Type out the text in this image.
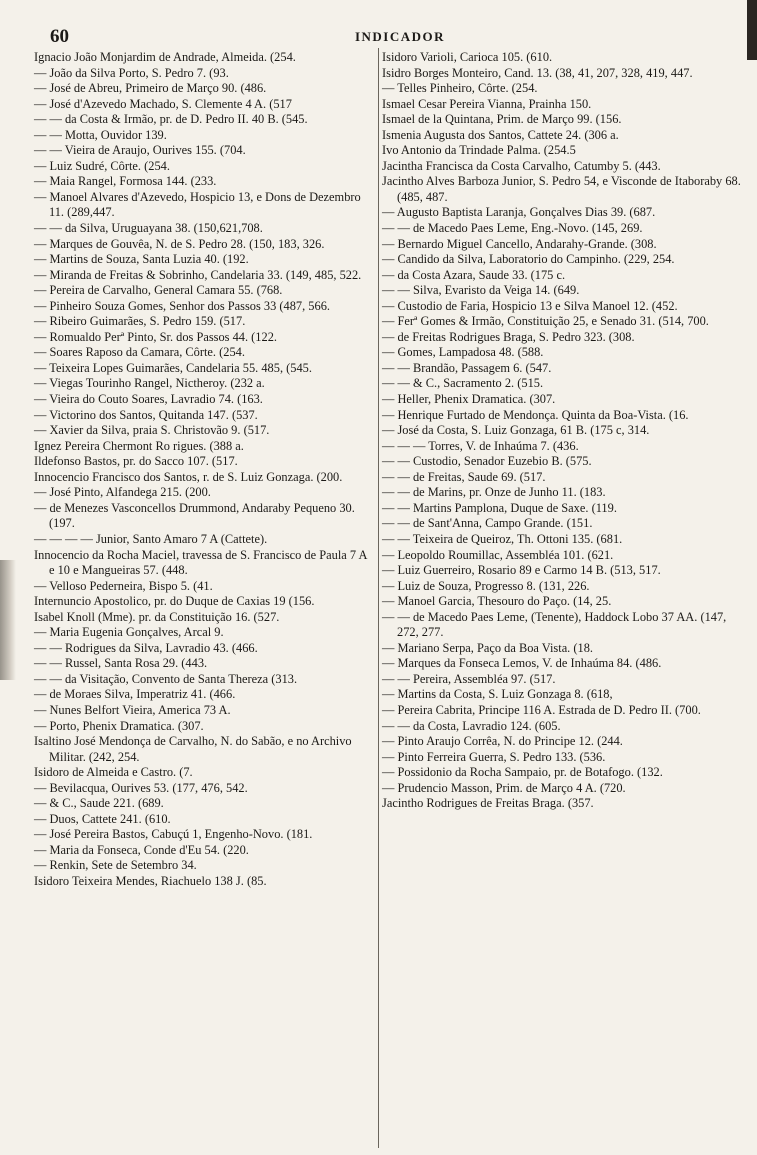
60	INDICADOR
Ignacio João Monjardim de Andrade, Almeida. (254.
— João da Silva Porto, S. Pedro 7. (93.
— José de Abreu, Primeiro de Março 90. (486.
— José d'Azevedo Machado, S. Clemente 4 A. (517
— — da Costa & Irmão, pr. de D. Pedro II. 40 B. (545.
— — Motta, Ouvidor 139.
— — Vieira de Araujo, Ourives 155. (704.
— Luiz Sudré, Côrte. (254.
— Maia Rangel, Formosa 144. (233.
— Manoel Alvares d'Azevedo, Hospicio 13, e Dons de Dezembro 11. (289,447.
— — da Silva, Uruguayana 38. (150,621,708.
— Marques de Gouvêa, N. de S. Pedro 28. (150, 183, 326.
— Martins de Souza, Santa Luzia 40. (192.
— Miranda de Freitas & Sobrinho, Candelaria 33. (149, 485, 522.
— Pereira de Carvalho, General Camara 55. (768.
— Pinheiro Souza Gomes, Senhor dos Passos 33 (487, 566.
— Ribeiro Guimarães, S. Pedro 159. (517.
— Romualdo Perª Pinto, Sr. dos Passos 44. (122.
— Soares Raposo da Camara, Côrte. (254.
— Teixeira Lopes Guimarães, Candelaria 55. 485, (545.
— Viegas Tourinho Rangel, Nictheroy. (232 a.
— Vieira do Couto Soares, Lavradio 74. (163.
— Victorino dos Santos, Quitanda 147. (537.
— Xavier da Silva, praia S. Christovão 9. (517.
Ignez Pereira Chermont Ro rigues. (388 a.
Ildefonso Bastos, pr. do Sacco 107. (517.
Innocencio Francisco dos Santos, r. de S. Luiz Gonzaga. (200.
— José Pinto, Alfandega 215. (200.
— de Menezes Vasconcellos Drummond, Andaraby Pequeno 30. (197.
— — — — Junior, Santo Amaro 7 A (Cattete).
Innocencio da Rocha Maciel, travessa de S. Francisco de Paula 7 A e 10 e Mangueiras 57. (448.
— Velloso Pederneira, Bispo 5. (41.
Internuncio Apostolico, pr. do Duque de Caxias 19 (156.
Isabel Knoll (Mme). pr. da Constituição 16. (527.
— Maria Eugenia Gonçalves, Arcal 9.
— — Rodrigues da Silva, Lavradio 43. (466.
— — Russel, Santa Rosa 29. (443.
— — da Visitação, Convento de Santa Thereza (313.
— de Moraes Silva, Imperatriz 41. (466.
— Nunes Belfort Vieira, America 73 A.
— Porto, Phenix Dramatica. (307.
Isaltino José Mendonça de Carvalho, N. do Sabão, e no Archivo Militar. (242, 254.
Isidoro de Almeida e Castro. (7.
— Bevilacqua, Ourives 53. (177, 476, 542.
— & C., Saude 221. (689.
— Duos, Cattete 241. (610.
— José Pereira Bastos, Cabuçú 1, Engenho-Novo. (181.
— Maria da Fonseca, Conde d'Eu 54. (220.
— Renkin, Sete de Setembro 34.
Isidoro Teixeira Mendes, Riachuelo 138 J. (85.
Isidoro Varioli, Carioca 105. (610.
Isidro Borges Monteiro, Cand. 13. (38, 41, 207, 328, 419, 447.
— Telles Pinheiro, Côrte. (254.
Ismael Cesar Pereira Vianna, Prainha 150.
Ismael de la Quintana, Prim. de Março 99. (156.
Ismenia Augusta dos Santos, Cattete 24. (306 a.
Ivo Antonio da Trindade Palma. (254.5
Jacintha Francisca da Costa Carvalho, Catumby 5. (443.
Jacintho Alves Barboza Junior, S. Pedro 54, e Visconde de Itaboraby 68. (485, 487.
— Augusto Baptista Laranja, Gonçalves Dias 39. (687.
— — de Macedo Paes Leme, Eng.-Novo. (145, 269.
— Bernardo Miguel Cancello, Andarahy-Grande. (308.
— Candido da Silva, Laboratorio do Campinho. (229, 254.
— da Costa Azara, Saude 33. (175 c.
— — Silva, Evaristo da Veiga 14. (649.
— Custodio de Faria, Hospicio 13 e Silva Manoel 12. (452.
— Ferª Gomes & Irmão, Constituição 25, e Senado 31. (514, 700.
— de Freitas Rodrigues Braga, S. Pedro 323. (308.
— Gomes, Lampadosa 48. (588.
— — Brandão, Passagem 6. (547.
— — & C., Sacramento 2. (515.
— Heller, Phenix Dramatica. (307.
— Henrique Furtado de Mendonça. Quinta da Boa-Vista. (16.
— José da Costa, S. Luiz Gonzaga, 61 B. (175 c, 314.
— — — Torres, V. de Inhaúma 7. (436.
— — Custodio, Senador Euzebio B. (575.
— — de Freitas, Saude 69. (517.
— — de Marins, pr. Onze de Junho 11. (183.
— — Martins Pamplona, Duque de Saxe. (119.
— — de Sant'Anna, Campo Grande. (151.
— — Teixeira de Queiroz, Th. Ottoni 135. (681.
— Leopoldo Roumillac, Assembléa 101. (621.
— Luiz Guerreiro, Rosario 89 e Carmo 14 B. (513, 517.
— Luiz de Souza, Progresso 8. (131, 226.
— Manoel Garcia, Thesouro do Paço. (14, 25.
— — de Macedo Paes Leme, (Tenente), Haddock Lobo 37 AA. (147, 272, 277.
— Mariano Serpa, Paço da Boa Vista. (18.
— Marques da Fonseca Lemos, V. de Inhaúma 84. (486.
— — Pereira, Assembléa 97. (517.
— Martins da Costa, S. Luiz Gonzaga 8. (618,
— Pereira Cabrita, Principe 116 A. Estrada de D. Pedro II. (700.
— — da Costa, Lavradio 124. (605.
— Pinto Araujo Corrêa, N. do Principe 12. (244.
— Pinto Ferreira Guerra, S. Pedro 133. (536.
— Possidonio da Rocha Sampaio, pr. de Botafogo. (132.
— Prudencio Masson, Prim. de Março 4 A. (720.
Jacintho Rodrigues de Freitas Braga. (357.
